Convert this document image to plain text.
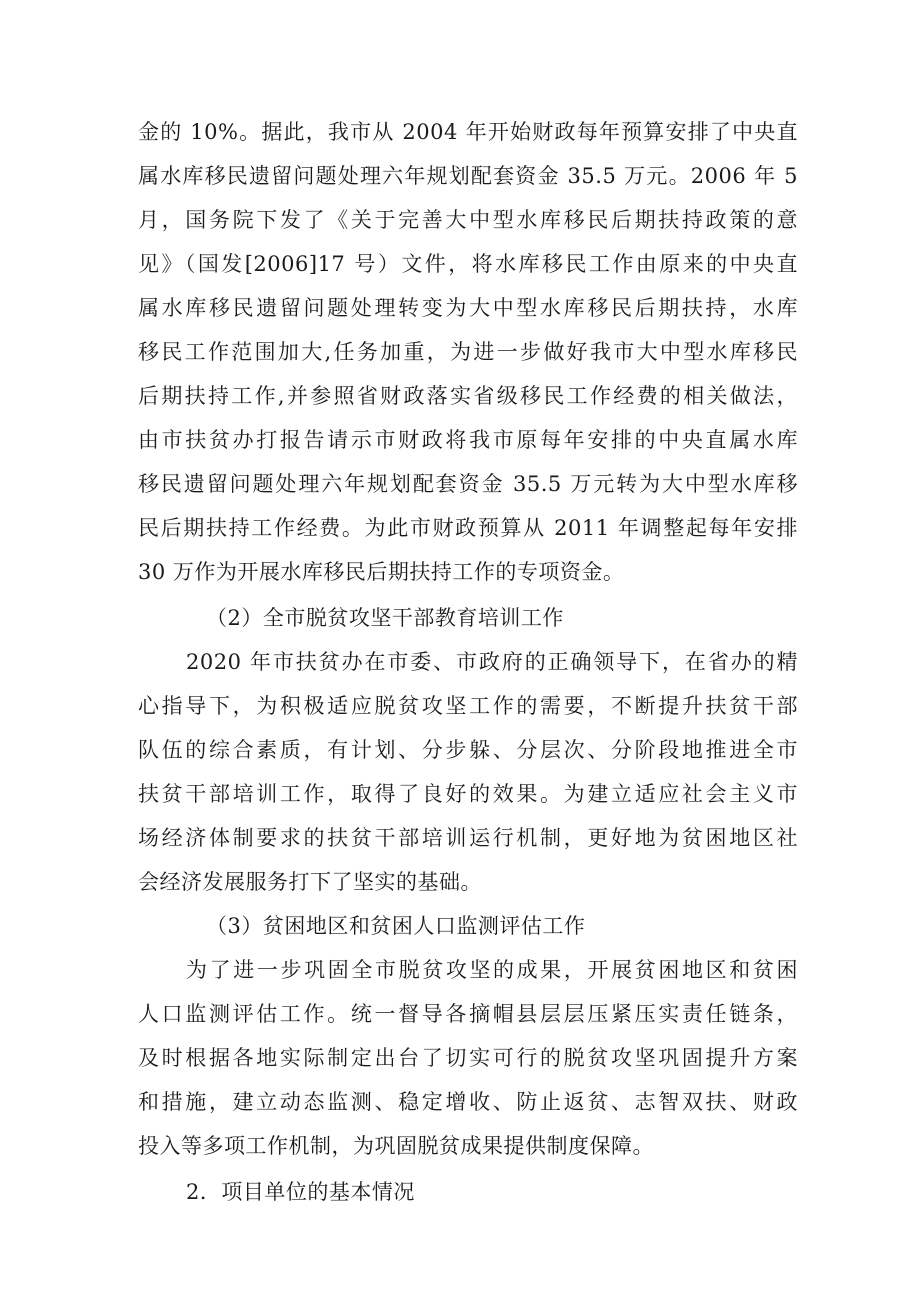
金的 10%。据此，我市从 2004 年开始财政每年预算安排了中央直
属水库移民遗留问题处理六年规划配套资金 35.5 万元。2006 年 5
月，国务院下发了《关于完善大中型水库移民后期扶持政策的意
见》（国发[2006]17 号）文件，将水库移民工作由原来的中央直
属水库移民遗留问题处理转变为大中型水库移民后期扶持，水库
移民工作范围加大,任务加重，为进一步做好我市大中型水库移民
后期扶持工作,并参照省财政落实省级移民工作经费的相关做法，
由市扶贫办打报告请示市财政将我市原每年安排的中央直属水库
移民遗留问题处理六年规划配套资金 35.5 万元转为大中型水库移
民后期扶持工作经费。为此市财政预算从 2011 年调整起每年安排
30 万作为开展水库移民后期扶持工作的专项资金。
（2）全市脱贫攻坚干部教育培训工作
2020 年市扶贫办在市委、市政府的正确领导下，在省办的精
心指导下，为积极适应脱贫攻坚工作的需要，不断提升扶贫干部
队伍的综合素质，有计划、分步躲、分层次、分阶段地推进全市
扶贫干部培训工作，取得了良好的效果。为建立适应社会主义市
场经济体制要求的扶贫干部培训运行机制，更好地为贫困地区社
会经济发展服务打下了坚实的基础。
（3）贫困地区和贫困人口监测评估工作
为了进一步巩固全市脱贫攻坚的成果，开展贫困地区和贫困
人口监测评估工作。统一督导各摘帽县层层压紧压实责任链条，
及时根据各地实际制定出台了切实可行的脱贫攻坚巩固提升方案
和措施，建立动态监测、稳定增收、防止返贫、志智双扶、财政
投入等多项工作机制，为巩固脱贫成果提供制度保障。
2．项目单位的基本情况
